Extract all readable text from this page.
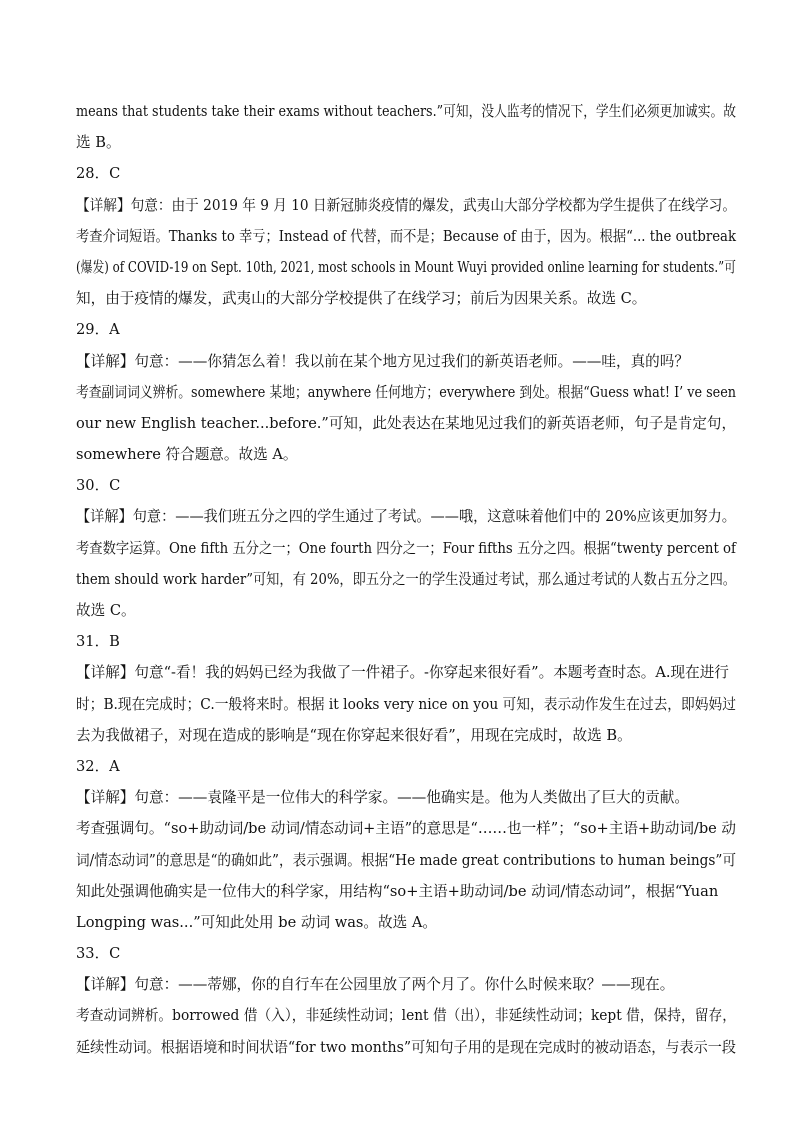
means that students take their exams without teachers.”可知，没人监考的情况下，学生们必须更加诚实。故
选 B。
28．C
【详解】句意：由于 2019 年 9 月 10 日新冠肺炎疫情的爆发，武夷山大部分学校都为学生提供了在线学习。
考查介词短语。Thanks to 幸亏；Instead of 代替，而不是；Because of 由于，因为。根据“... the outbreak
(爆发) of COVID-19 on Sept. 10th, 2021, most schools in Mount Wuyi provided online learning for students.”可
知，由于疫情的爆发，武夷山的大部分学校提供了在线学习；前后为因果关系。故选 C。
29．A
【详解】句意：——你猜怎么着！我以前在某个地方见过我们的新英语老师。——哇，真的吗？
考查副词词义辨析。somewhere 某地；anywhere 任何地方；everywhere 到处。根据“Guess what! I’ ve seen
our new English teacher...before.”可知，此处表达在某地见过我们的新英语老师，句子是肯定句，
somewhere 符合题意。故选 A。
30．C
【详解】句意：——我们班五分之四的学生通过了考试。——哦，这意味着他们中的 20%应该更加努力。
考查数字运算。One fifth 五分之一；One fourth 四分之一；Four fifths 五分之四。根据“twenty percent of
them should work harder”可知，有 20%，即五分之一的学生没通过考试，那么通过考试的人数占五分之四。
故选 C。
31．B
【详解】句意“-看！我的妈妈已经为我做了一件裙子。-你穿起来很好看”。本题考查时态。A.现在进行
时；B.现在完成时；C.一般将来时。根据 it looks very nice on you 可知，表示动作发生在过去，即妈妈过
去为我做裙子，对现在造成的影响是“现在你穿起来很好看”，用现在完成时，故选 B。
32．A
【详解】句意：——袁隆平是一位伟大的科学家。——他确实是。他为人类做出了巨大的贡献。
考查强调句。“so+助动词/be 动词/情态动词+主语”的意思是“……也一样”；“so+主语+助动词/be 动
词/情态动词”的意思是“的确如此”，表示强调。根据“He made great contributions to human beings”可
知此处强调他确实是一位伟大的科学家，用结构“so+主语+助动词/be 动词/情态动词”，根据“Yuan
Longping was...”可知此处用 be 动词 was。故选 A。
33．C
【详解】句意：——蒂娜，你的自行车在公园里放了两个月了。你什么时候来取？——现在。
考查动词辨析。borrowed 借（入），非延续性动词；lent 借（出），非延续性动词；kept 借，保持，留存，
延续性动词。根据语境和时间状语“for two months”可知句子用的是现在完成时的被动语态，与表示一段
